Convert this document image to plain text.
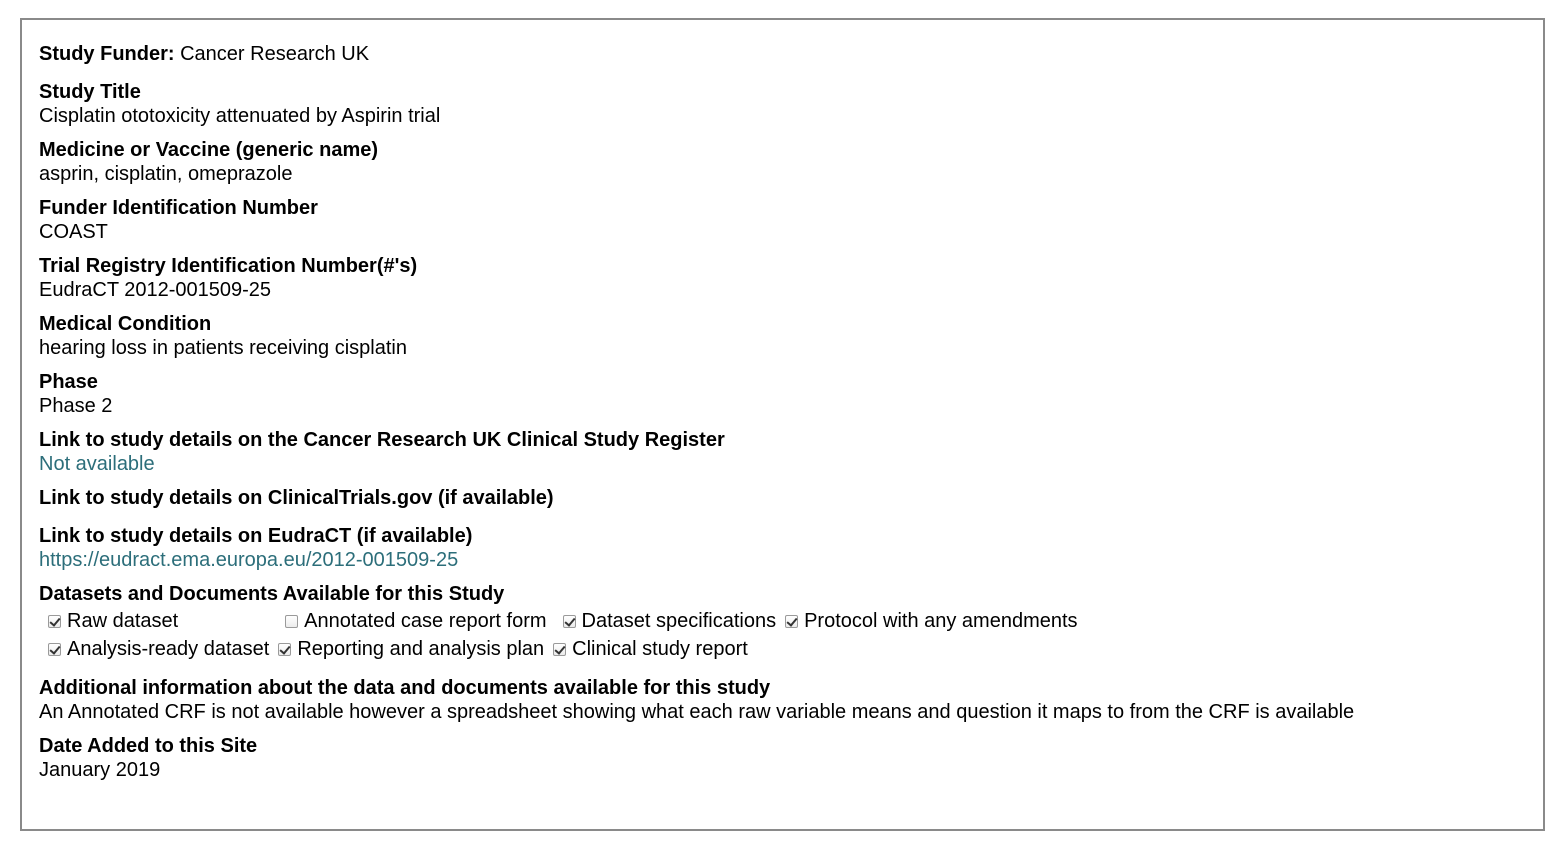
Study Funder: Cancer Research UK
Study Title
Cisplatin ototoxicity attenuated by Aspirin trial
Medicine or Vaccine (generic name)
asprin, cisplatin, omeprazole
Funder Identification Number
COAST
Trial Registry Identification Number(#'s)
EudraCT 2012-001509-25
Medical Condition
hearing loss in patients receiving cisplatin
Phase
Phase 2
Link to study details on the Cancer Research UK Clinical Study Register
Not available
Link to study details on ClinicalTrials.gov (if available)
Link to study details on EudraCT (if available)
https://eudract.ema.europa.eu/2012-001509-25
Datasets and Documents Available for this Study
Raw dataset	Annotated case report form Dataset specifications Protocol with any amendments
Analysis-ready dataset Reporting and analysis plan Clinical study report
Additional information about the data and documents available for this study
An Annotated CRF is not available however a spreadsheet showing what each raw variable means and question it maps to from the CRF is available
Date Added to this Site
January 2019
